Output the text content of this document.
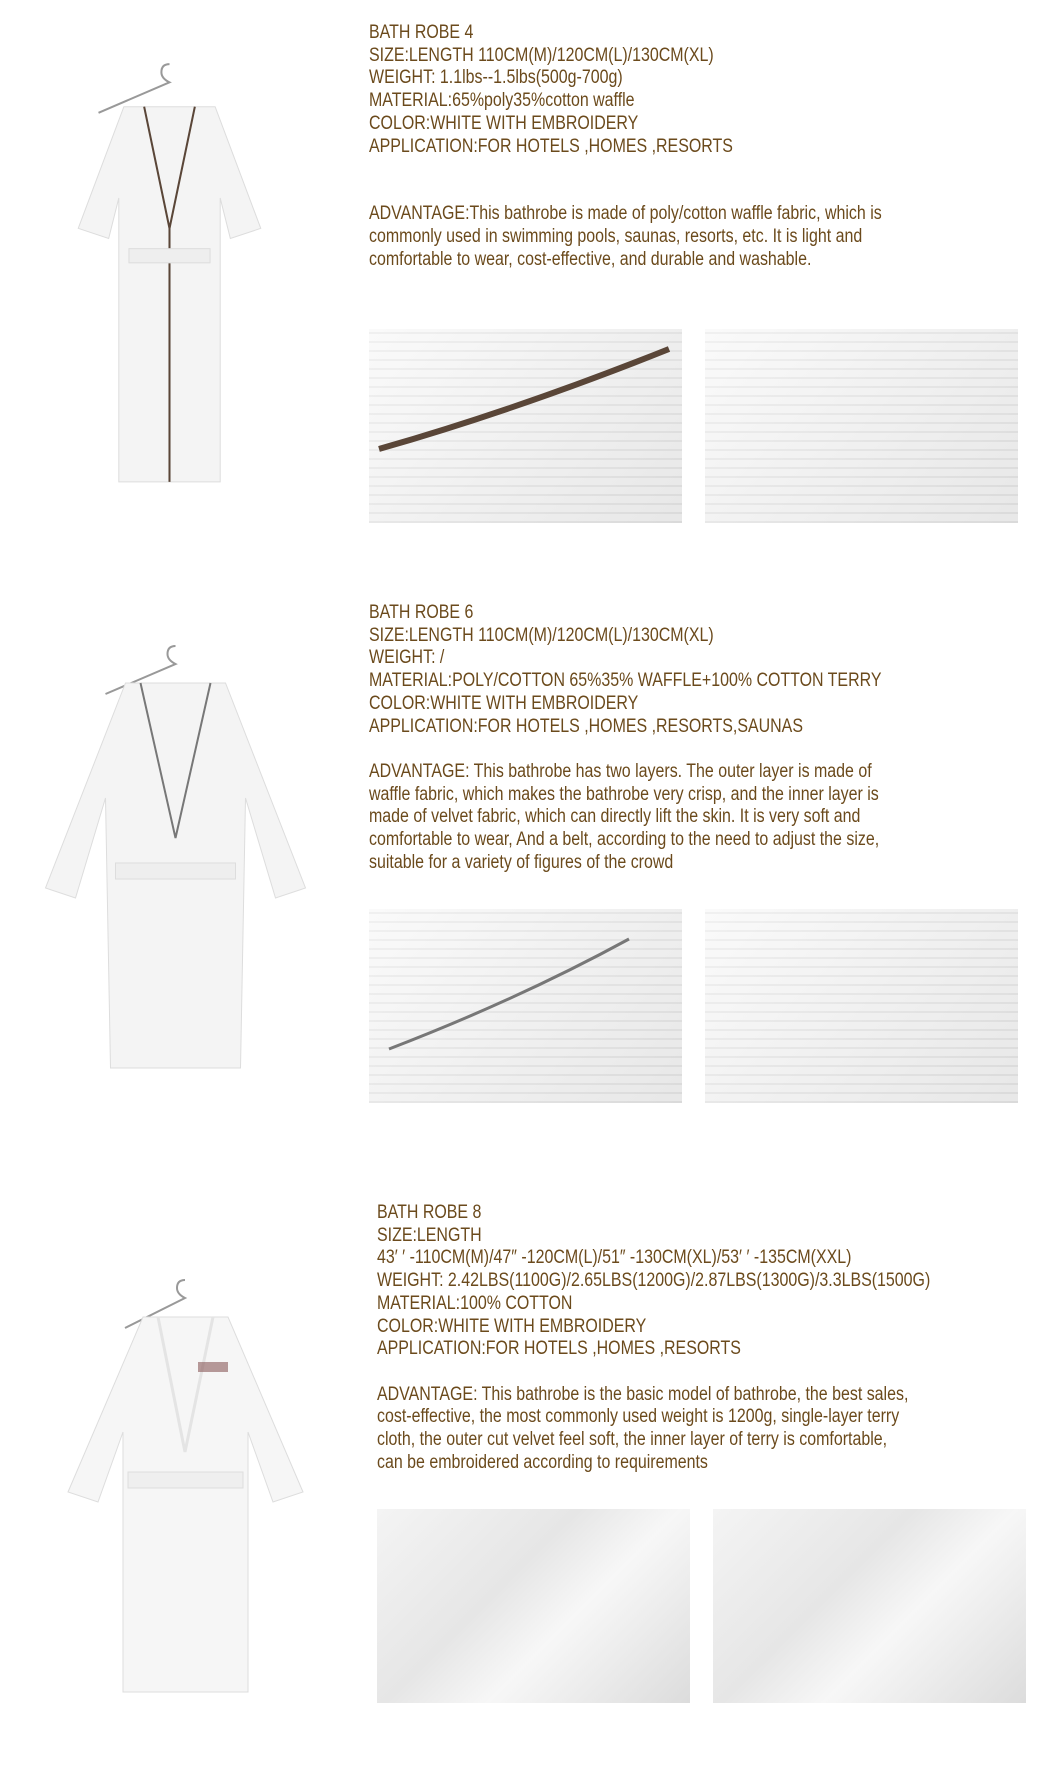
BATH ROBE 4
SIZE:LENGTH 110CM(M)/120CM(L)/130CM(XL)
WEIGHT: 1.1lbs--1.5lbs(500g-700g)
MATERIAL:65%poly35%cotton waffle
COLOR:WHITE WITH EMBROIDERY
APPLICATION:FOR HOTELS ,HOMES ,RESORTS
ADVANTAGE:This bathrobe is made of poly/cotton waffle fabric, which is
commonly used in swimming pools, saunas, resorts, etc. It is light and
comfortable to wear, cost-effective, and durable and washable.
BATH ROBE 6
SIZE:LENGTH 110CM(M)/120CM(L)/130CM(XL)
WEIGHT: /
MATERIAL:POLY/COTTON 65%35% WAFFLE+100% COTTON TERRY
COLOR:WHITE WITH EMBROIDERY
APPLICATION:FOR HOTELS ,HOMES ,RESORTS,SAUNAS
ADVANTAGE: This bathrobe has two layers. The outer layer is made of
waffle fabric, which makes the bathrobe very crisp, and the inner layer is
made of velvet fabric, which can directly lift the skin. It is very soft and
comfortable to wear, And a belt, according to the need to adjust the size,
suitable for a variety of figures of the crowd
BATH ROBE 8
SIZE:LENGTH
43′ ′ -110CM(M)/47″ -120CM(L)/51″ -130CM(XL)/53′ ′ -135CM(XXL)
WEIGHT: 2.42LBS(1100G)/2.65LBS(1200G)/2.87LBS(1300G)/3.3LBS(1500G)
MATERIAL:100% COTTON
COLOR:WHITE WITH EMBROIDERY
APPLICATION:FOR HOTELS ,HOMES ,RESORTS
ADVANTAGE: This bathrobe is the basic model of bathrobe, the best sales,
cost-effective, the most commonly used weight is 1200g, single-layer terry
cloth, the outer cut velvet feel soft, the inner layer of terry is comfortable,
can be embroidered according to requirements
